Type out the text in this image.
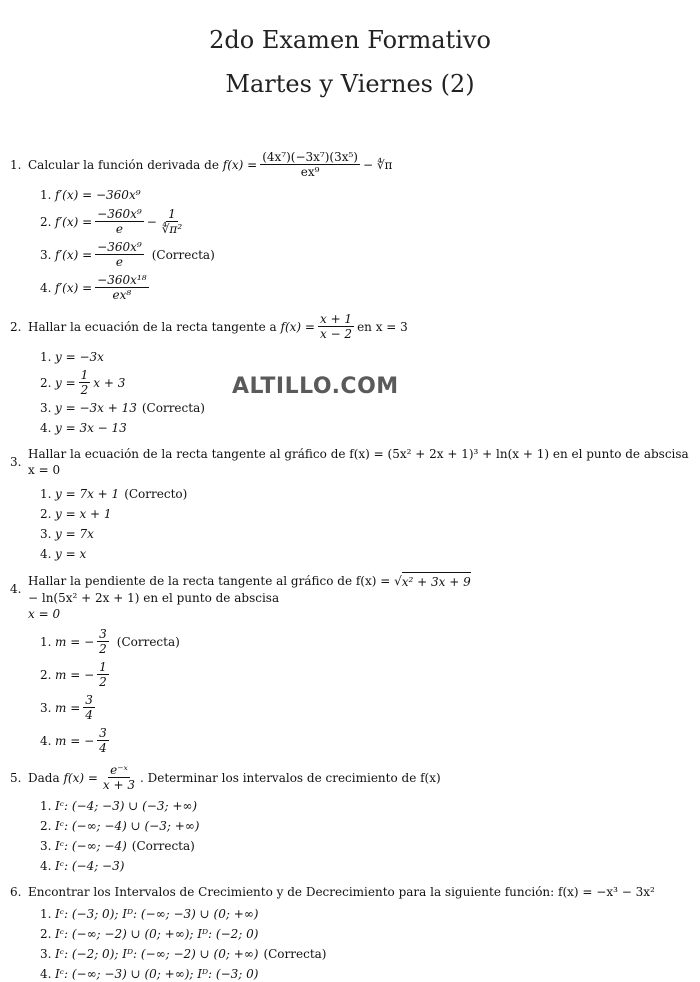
2do Examen Formativo
Martes y Viernes (2)
ALTILLO.COM
1. Calcular la función derivada de
$f(x) = \frac{\text{(4x⁷)(−3x⁷)(3x⁵)}}{\text{ex⁹}}$ − ∜π
1. f′(x) = −360x⁹
2. $f'(x) = \frac{\text{−360x⁹}}{e} - \frac{1}{\text{∜π²}}$
3. $f'(x) = \frac{\text{−360x⁹}}{e}$ (Correcta)
4. $f'(x) = \frac{\text{−360x¹⁸}}{\text{ex⁸}}$
2. Hallar la ecuación de la recta tangente a
$f(x) = \frac{x + 1}{x - 2}$ en x = 3
1. y = −3x
2. $y = \frac{1}{2}$ x + 3
3. y = −3x + 13 (Correcta)
4. y = 3x − 13
3.
Hallar la ecuación de la recta tangente al gráfico de f(x) = (5x² + 2x + 1)³ + ln(x + 1) en el punto de abscisa x = 0
1. y = 7x + 1 (Correcto)
2. y = x + 1
3. y = 7x
4. y = x
4.
Hallar la pendiente de la recta tangente al gráfico de f(x) =
√ x² + 3x + 9
− ln(5x² + 2x + 1) en el punto de abscisa
x = 0
1. m = − $\frac{3}{2}$ (Correcta)
2. m = − $\frac{1}{2}$
3. $m = \frac{3}{4}$
4. m = − $\frac{3}{4}$
5. Dada
$f(x) = \frac{\text{e⁻ˣ}}{x + 3}$ . Determinar los intervalos de crecimiento de f(x)
1. Iᶜ: (−4; −3) ∪ (−3; +∞)
2. Iᶜ: (−∞; −4) ∪ (−3; +∞)
3. Iᶜ: (−∞; −4) (Correcta)
4. Iᶜ: (−4; −3)
6. Encontrar los Intervalos de Crecimiento y de Decrecimiento para la siguiente función: f(x) = −x³ − 3x²
1. Iᶜ: (−3; 0); Iᴰ: (−∞; −3) ∪ (0; +∞)
2. Iᶜ: (−∞; −2) ∪ (0; +∞); Iᴰ: (−2; 0)
3. Iᶜ: (−2; 0); Iᴰ: (−∞; −2) ∪ (0; +∞) (Correcta)
4. Iᶜ: (−∞; −3) ∪ (0; +∞); Iᴰ: (−3; 0)
